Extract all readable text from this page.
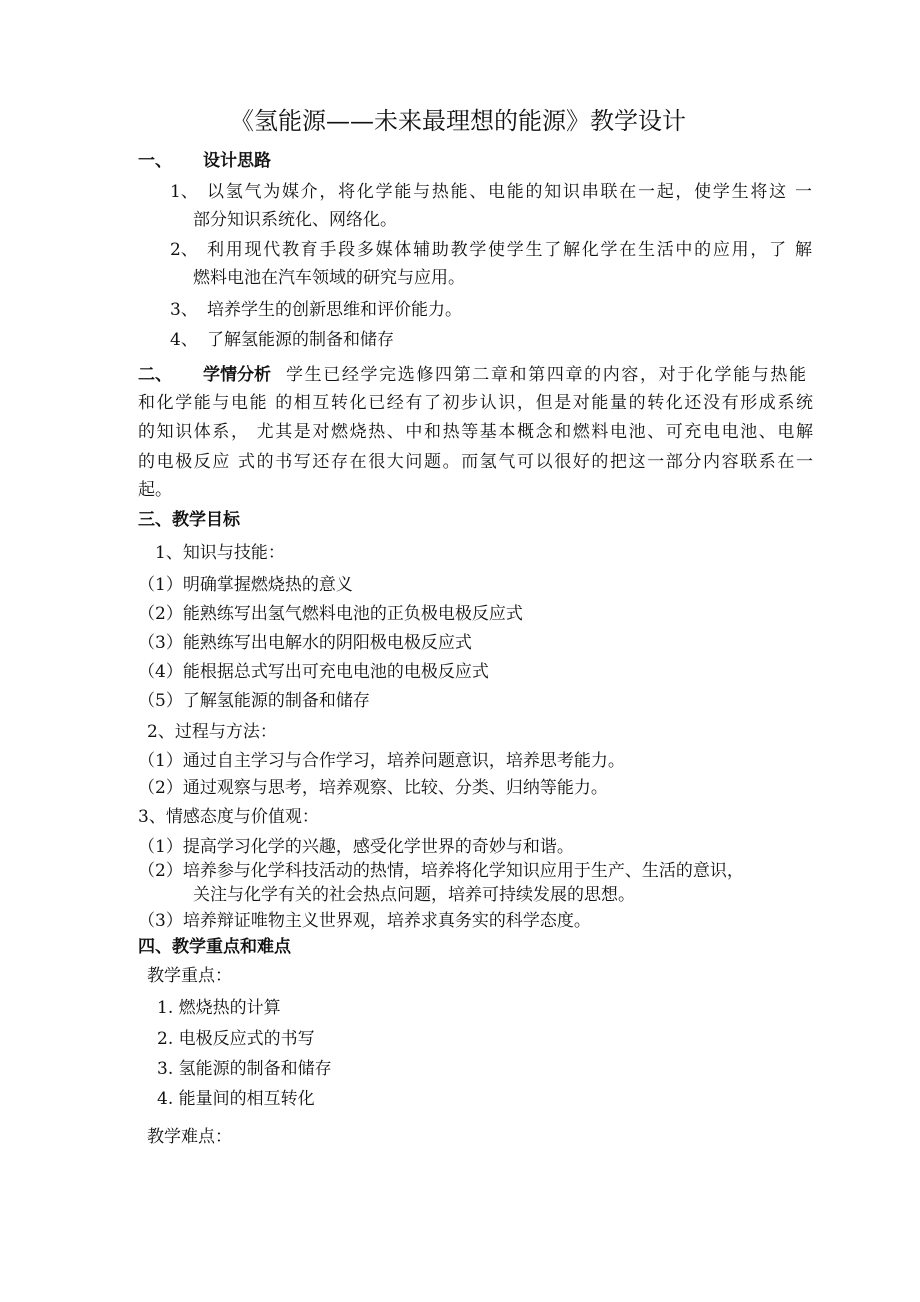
《氢能源——未来最理想的能源》教学设计
一、 设计思路
1、 以氢气为媒介，将化学能与热能、电能的知识串联在一起，使学生将这 一
部分知识系统化、网络化。
2、 利用现代教育手段多媒体辅助教学使学生了解化学在生活中的应用，了 解
燃料电池在汽车领域的研究与应用。
3、 培养学生的创新思维和评价能力。
4、 了解氢能源的制备和储存
二、 学情分析 学生已经学完选修四第二章和第四章的内容，对于化学能与热能
和化学能与电能 的相互转化已经有了初步认识，但是对能量的转化还没有形成系统
的知识体系， 尤其是对燃烧热、中和热等基本概念和燃料电池、可充电电池、电解
的电极反应 式的书写还存在很大问题。而氢气可以很好的把这一部分内容联系在一
起。
三、教学目标
1、知识与技能：
（1）明确掌握燃烧热的意义
（2）能熟练写出氢气燃料电池的正负极电极反应式
（3）能熟练写出电解水的阴阳极电极反应式
（4）能根据总式写出可充电电池的电极反应式
（5）了解氢能源的制备和储存
2、过程与方法：
（1）通过自主学习与合作学习，培养问题意识，培养思考能力。
（2）通过观察与思考，培养观察、比较、分类、归纳等能力。
3、情感态度与价值观：
（1）提高学习化学的兴趣，感受化学世界的奇妙与和谐。
（2）培养参与化学科技活动的热情，培养将化学知识应用于生产、生活的意识，
关注与化学有关的社会热点问题，培养可持续发展的思想。
（3）培养辩证唯物主义世界观，培养求真务实的科学态度。
四、教学重点和难点
教学重点：
1. 燃烧热的计算
2. 电极反应式的书写
3. 氢能源的制备和储存
4. 能量间的相互转化
教学难点：
